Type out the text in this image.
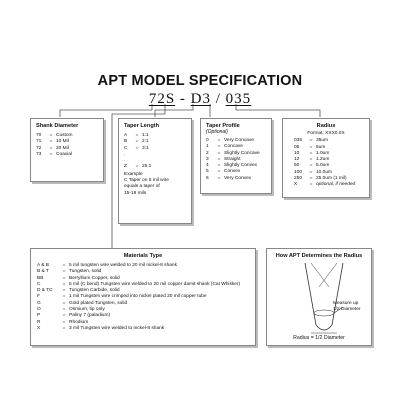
APT MODEL SPECIFICATION
72S - D3 / 035
Shank Diameter
70 = Custom
71 = 10 Mil
72 = 20 Mil
73 = Coaxial
Taper Length
A = 1:1
B = 2:1
C = 3:1
.
.
Z = 25:1
Example
C Taper on 5 mil wire
equals a taper of
15-19 mils
Taper Profile
(Optional)
0 = Very Concave
1 = Concave
2 = Slightly Concave
3 = Straight
4 = Slightly Convex
5 = Convex
6 = Very Convex
Radius
Format: XXX0.0X
035 = 35um
05 = 5um
10 = 1.0um
12 = 1.2um
50 = 5.0um
100 = 10.0um
250 = 25.0um (1 mil)
X	= optional, if needed
Materials Type
A & B	= 5 mil tungsten wire welded to 20 mil nickel-8 shank
B & T	= Tungsten, solid
BB	= Berryllium Copper, solid
C	= 5 mil (C bend) Tungsten wire welded to 20 mil copper damit shank (Cat Whisker)
D & TC = Tungsten Carbide, solid
F	= 1 mil Tungsten wire crimped into nickel plated 20 mil copper tube
G	= Gold plated Tungsten, solid
O	= Osmium, tip only
P	= Paliny 7 (paladium)
R	= Rhodium
X	= 3 mil Tungsten wire welded to nickel-8 shank
How APT Determines the Radius
Measure up
1/2 Diameter
Radius = 1/2 Diameter
